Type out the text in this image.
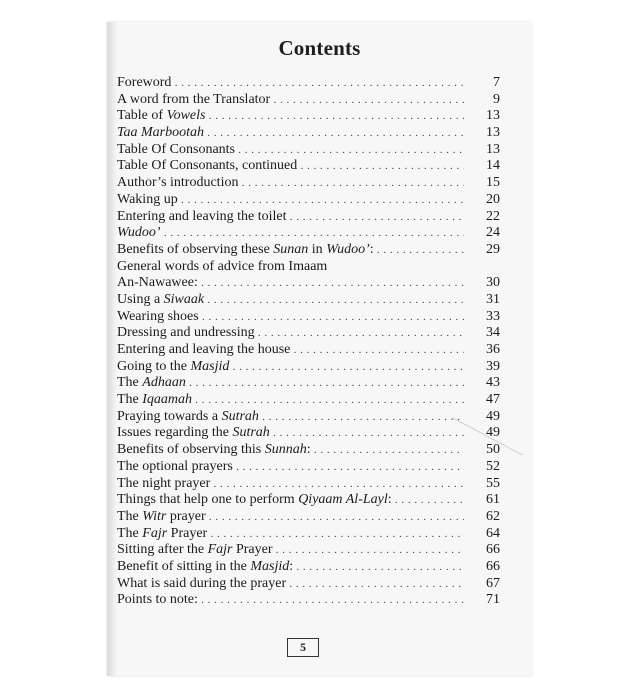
Contents
Foreword . . .	7
A word from the Translator . . .	9
Table of Vowels . . .	13
Taa Marbootah . . .	13
Table Of Consonants . . .	13
Table Of Consonants, continued . . .	14
Author’s introduction . . .	15
Waking up . . .	20
Entering and leaving the toilet . . .	22
Wudoo’ . . .	24
Benefits of observing these Sunan in Wudoo’: . . .	29
General words of advice from Imaam
An-Nawawee: . . .	30
Using a Siwaak . . .	31
Wearing shoes . . .	33
Dressing and undressing . . .	34
Entering and leaving the house . . .	36
Going to the Masjid . . .	39
The Adhaan . . .	43
The Iqaamah . . .	47
Praying towards a Sutrah . . .	49
Issues regarding the Sutrah . . .	49
Benefits of observing this Sunnah: . . .	50
The optional prayers . . .	52
The night prayer . . .	55
Things that help one to perform Qiyaam Al-Layl: . . .	61
The Witr prayer . . .	62
The Fajr Prayer . . .	64
Sitting after the Fajr Prayer . . .	66
Benefit of sitting in the Masjid: . . .	66
What is said during the prayer . . .	67
Points to note: . . .	71
5
